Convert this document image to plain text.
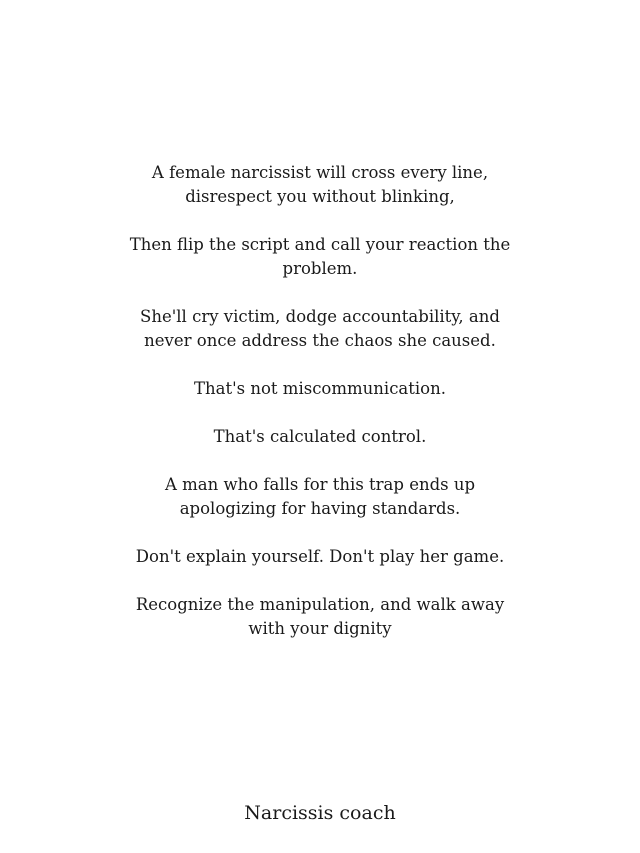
A female narcissist will cross every line,
disrespect you without blinking,

Then flip the script and call your reaction the
problem.

She'll cry victim, dodge accountability, and
never once address the chaos she caused.

That's not miscommunication.

That's calculated control.

A man who falls for this trap ends up
apologizing for having standards.

Don't explain yourself. Don't play her game.

Recognize the manipulation, and walk away
with your dignity

Narcissis coach
